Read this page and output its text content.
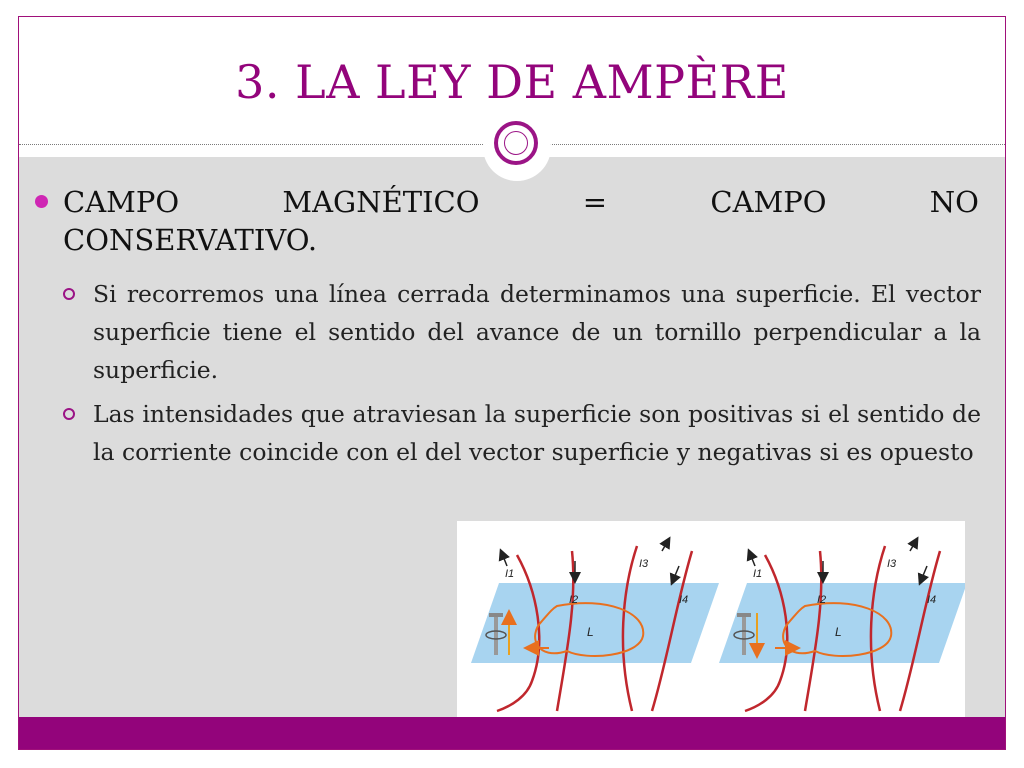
3. LA LEY DE AMPÈRE
CAMPO	MAGNÉTICO	=	CAMPO	NO
CONSERVATIVO.
Si recorremos una línea cerrada determinamos una superficie. El vector superficie tiene el sentido del avance de un tornillo perpendicular a la superficie.
Las intensidades que atraviesan la superficie son positivas si el sentido de la corriente coincide con el del vector superficie y negativas si es opuesto
I1
I2
I3
I4
L
I1
I2
I3
I4
L
